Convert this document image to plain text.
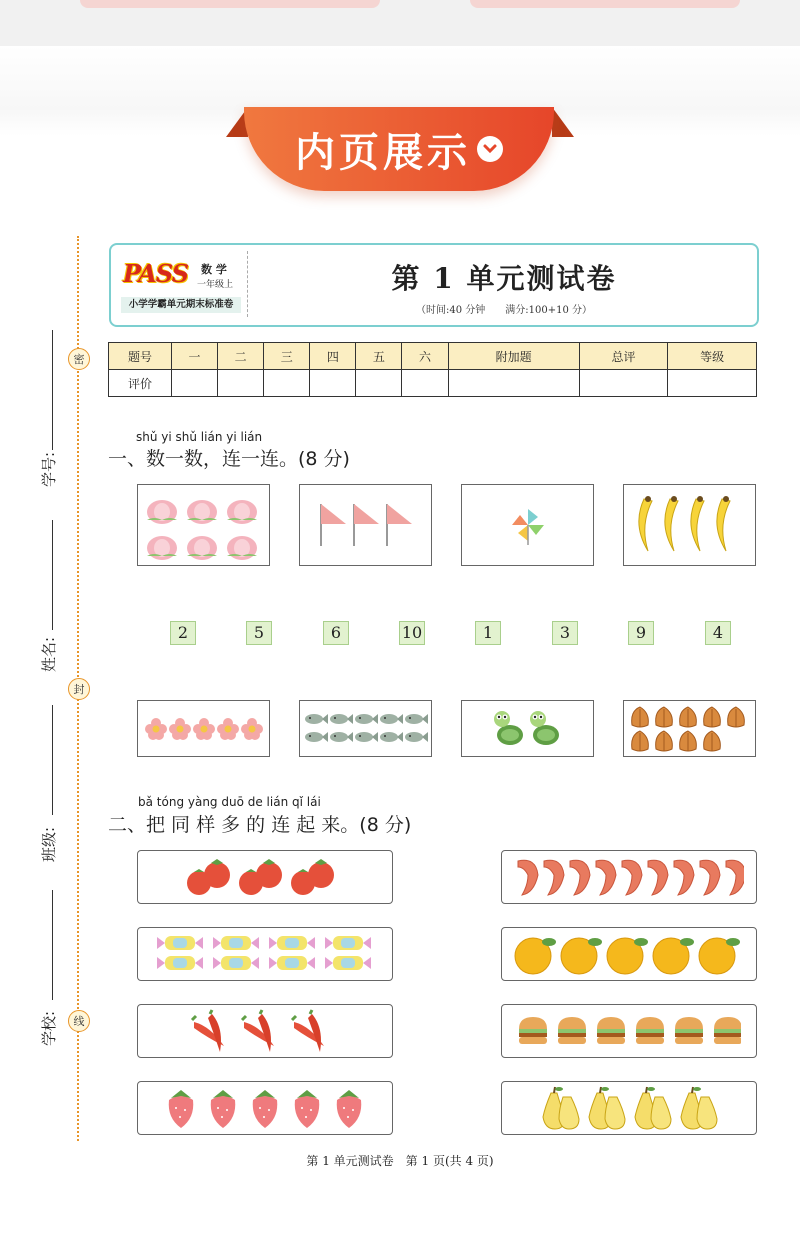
内页展示
密
封
线
学号:
姓名:
班级:
学校:
PASS 数 学
一年级上
小学学霸单元期末标准卷
第 1 单元测试卷
（时间:40 分钟　　满分:100+10 分）
题号	一	二	三	四	五	六	附加题	总评	等级
评价									
shǔ yi shǔ lián yi lián
一、数一数，连一连。(8 分)
2	5	6	10	1	3	9	4
bǎ tóng yàng duō de lián qǐ lái
二、把 同 样 多 的 连 起 来。(8 分)
第 1 单元测试卷　第 1 页(共 4 页)
